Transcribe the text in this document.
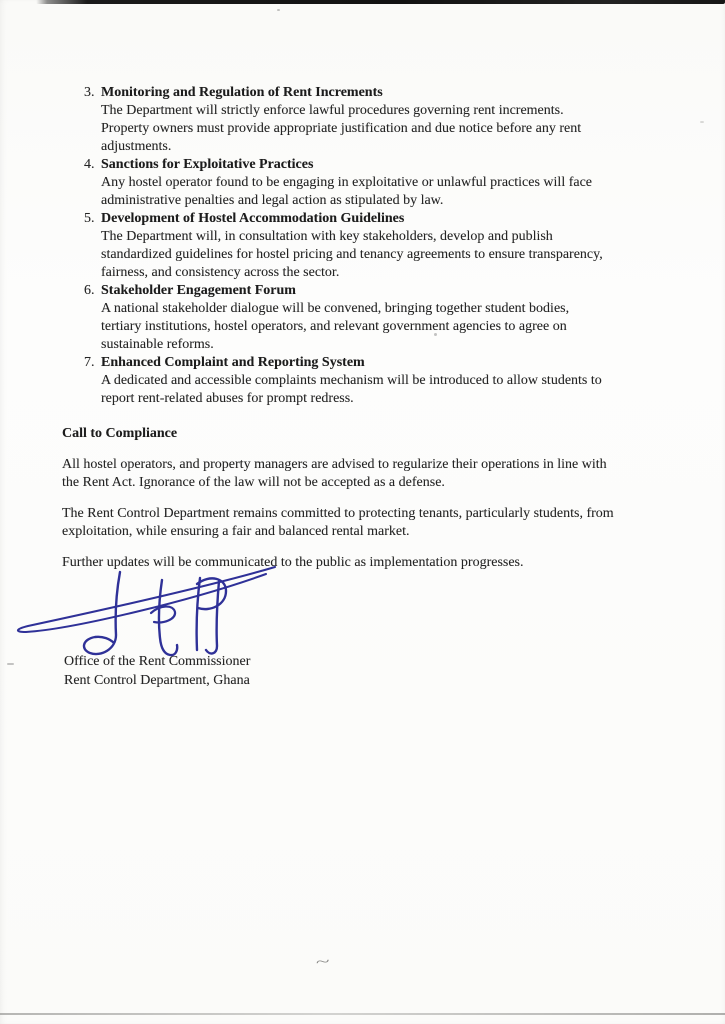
3. Monitoring and Regulation of Rent Increments
The Department will strictly enforce lawful procedures governing rent increments.
Property owners must provide appropriate justification and due notice before any rent
adjustments.
4. Sanctions for Exploitative Practices
Any hostel operator found to be engaging in exploitative or unlawful practices will face
administrative penalties and legal action as stipulated by law.
5. Development of Hostel Accommodation Guidelines
The Department will, in consultation with key stakeholders, develop and publish
standardized guidelines for hostel pricing and tenancy agreements to ensure transparency,
fairness, and consistency across the sector.
6. Stakeholder Engagement Forum
A national stakeholder dialogue will be convened, bringing together student bodies,
tertiary institutions, hostel operators, and relevant government agencies to agree on
sustainable reforms.
7. Enhanced Complaint and Reporting System
A dedicated and accessible complaints mechanism will be introduced to allow students to
report rent-related abuses for prompt redress.
Call to Compliance
All hostel operators, and property managers are advised to regularize their operations in line with
the Rent Act. Ignorance of the law will not be accepted as a defense.
The Rent Control Department remains committed to protecting tenants, particularly students, from
exploitation, while ensuring a fair and balanced rental market.
Further updates will be communicated to the public as implementation progresses.
Office of the Rent Commissioner
Rent Control Department, Ghana
~
